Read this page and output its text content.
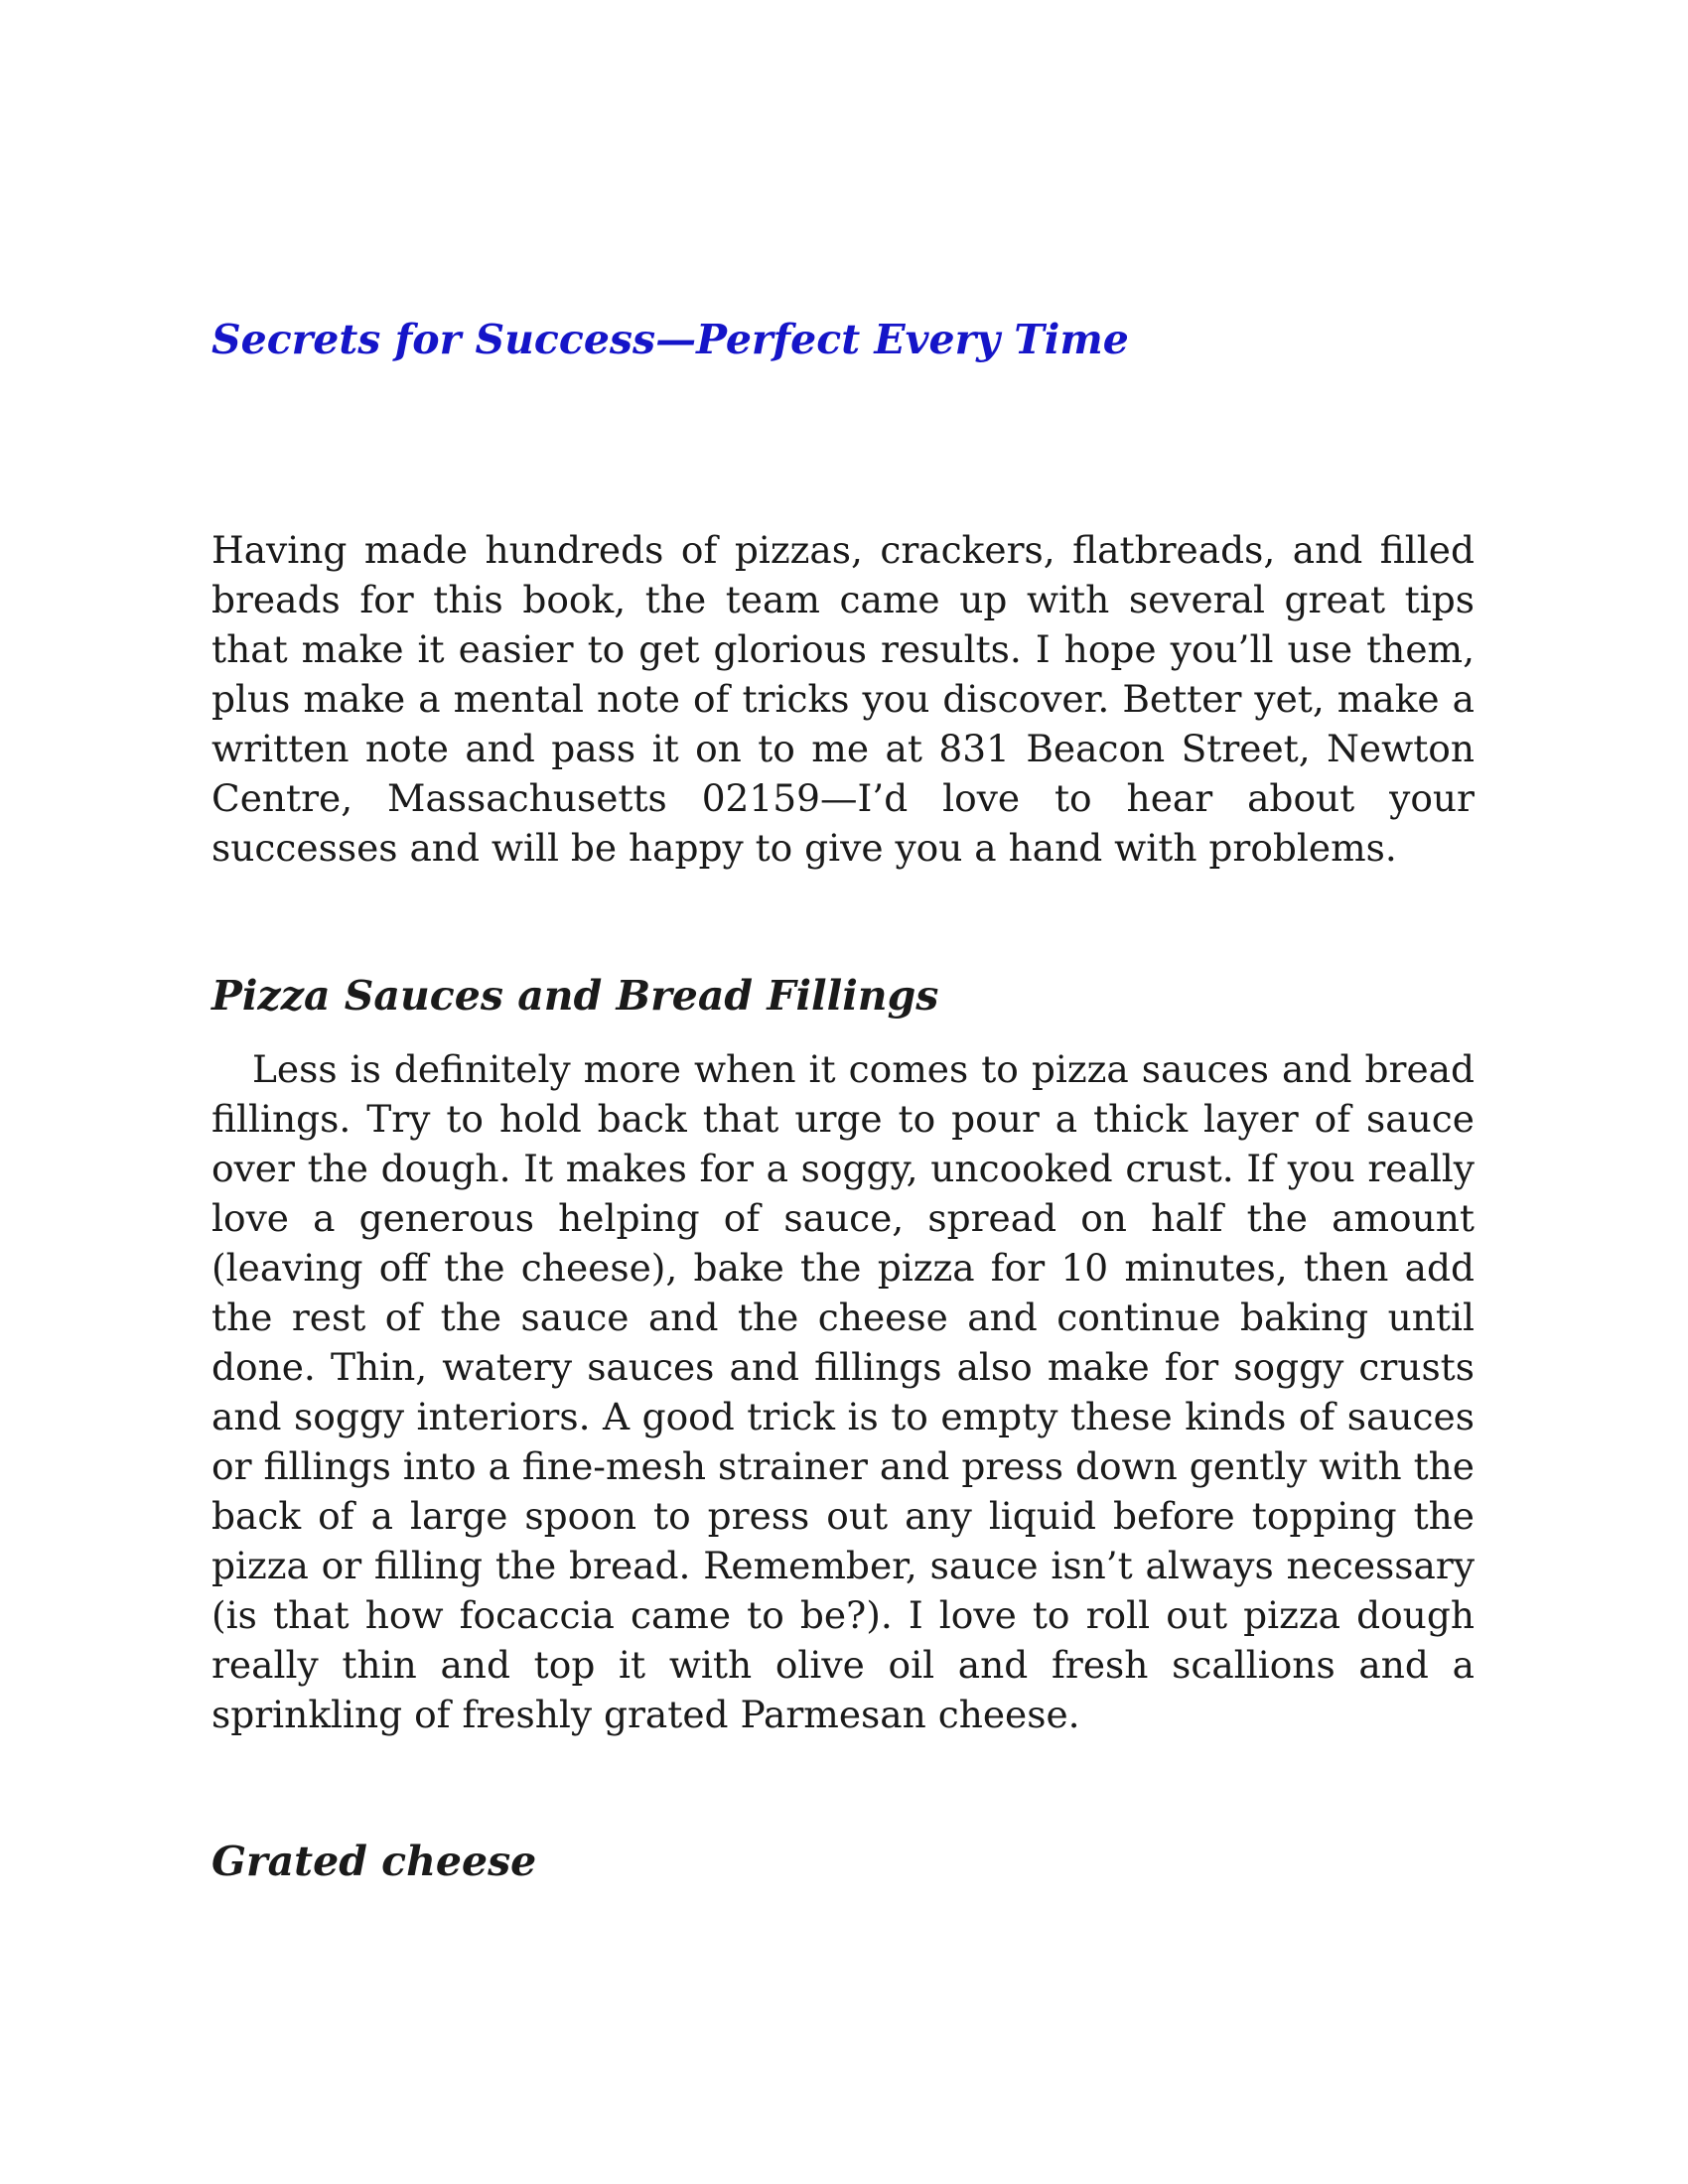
Secrets for Success—Perfect Every Time

Having made hundreds of pizzas, crackers, flatbreads, and filled breads for this book, the team came up with several great tips that make it easier to get glorious results. I hope you’ll use them, plus make a mental note of tricks you discover. Better yet, make a written note and pass it on to me at 831 Beacon Street, Newton Centre, Massachusetts 02159—I’d love to hear about your successes and will be happy to give you a hand with problems.

Pizza Sauces and Bread Fillings

Less is definitely more when it comes to pizza sauces and bread fillings. Try to hold back that urge to pour a thick layer of sauce over the dough. It makes for a soggy, uncooked crust. If you really love a generous helping of sauce, spread on half the amount (leaving off the cheese), bake the pizza for 10 minutes, then add the rest of the sauce and the cheese and continue baking until done. Thin, watery sauces and fillings also make for soggy crusts and soggy interiors. A good trick is to empty these kinds of sauces or fillings into a fine-mesh strainer and press down gently with the back of a large spoon to press out any liquid before topping the pizza or filling the bread. Remember, sauce isn’t always necessary (is that how focaccia came to be?). I love to roll out pizza dough really thin and top it with olive oil and fresh scallions and a sprinkling of freshly grated Parmesan cheese.

Grated cheese
